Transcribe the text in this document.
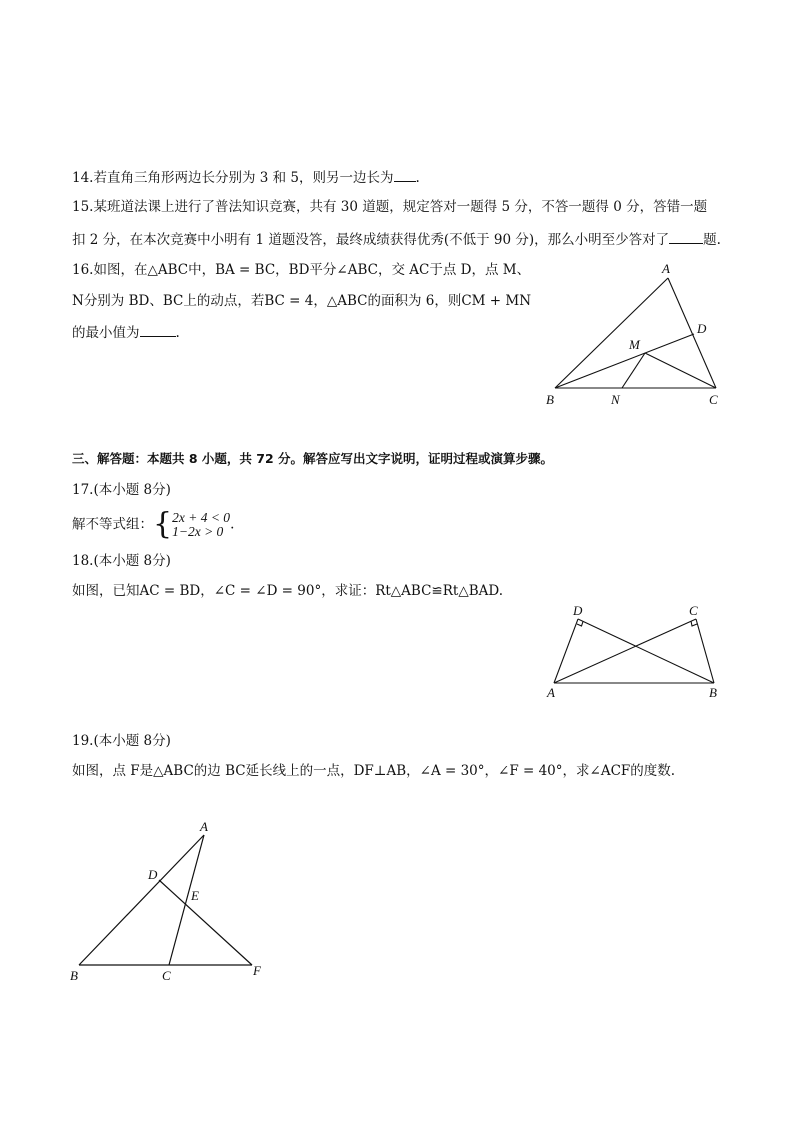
14.若直角三角形两边长分别为 3 和 5，则另一边长为 .
15.某班道法课上进行了普法知识竞赛，共有 30 道题，规定答对一题得 5 分，不答一题得 0 分，答错一题
扣 2 分，在本次竞赛中小明有 1 道题没答，最终成绩获得优秀(不低于 90 分)，那么小明至少答对了	题.
16.如图，在△ABC中，BA = BC，BD平分∠ABC，交 AC于点 D，点 M、
N分别为 BD、BC上的动点，若BC = 4，△ABC的面积为 6，则CM + MN
的最小值为	.
A
B	C
D
M
N
三、解答题：本题共 8 小题，共 72 分。解答应写出文字说明，证明过程或演算步骤。
17.(本小题 8分)
解不等式组：{2x + 4 < 0
1−2x > 0 .
18.(本小题 8分)
如图，已知AC = BD，∠C = ∠D = 90°，求证：Rt△ABC≌Rt△BAD.
D	C
A	B
19.(本小题 8分)
如图，点 F是△ABC的边 BC延长线上的一点，DF⊥AB，∠A = 30°，∠F = 40°，求∠ACF的度数.
A
B	C
D
E
F
